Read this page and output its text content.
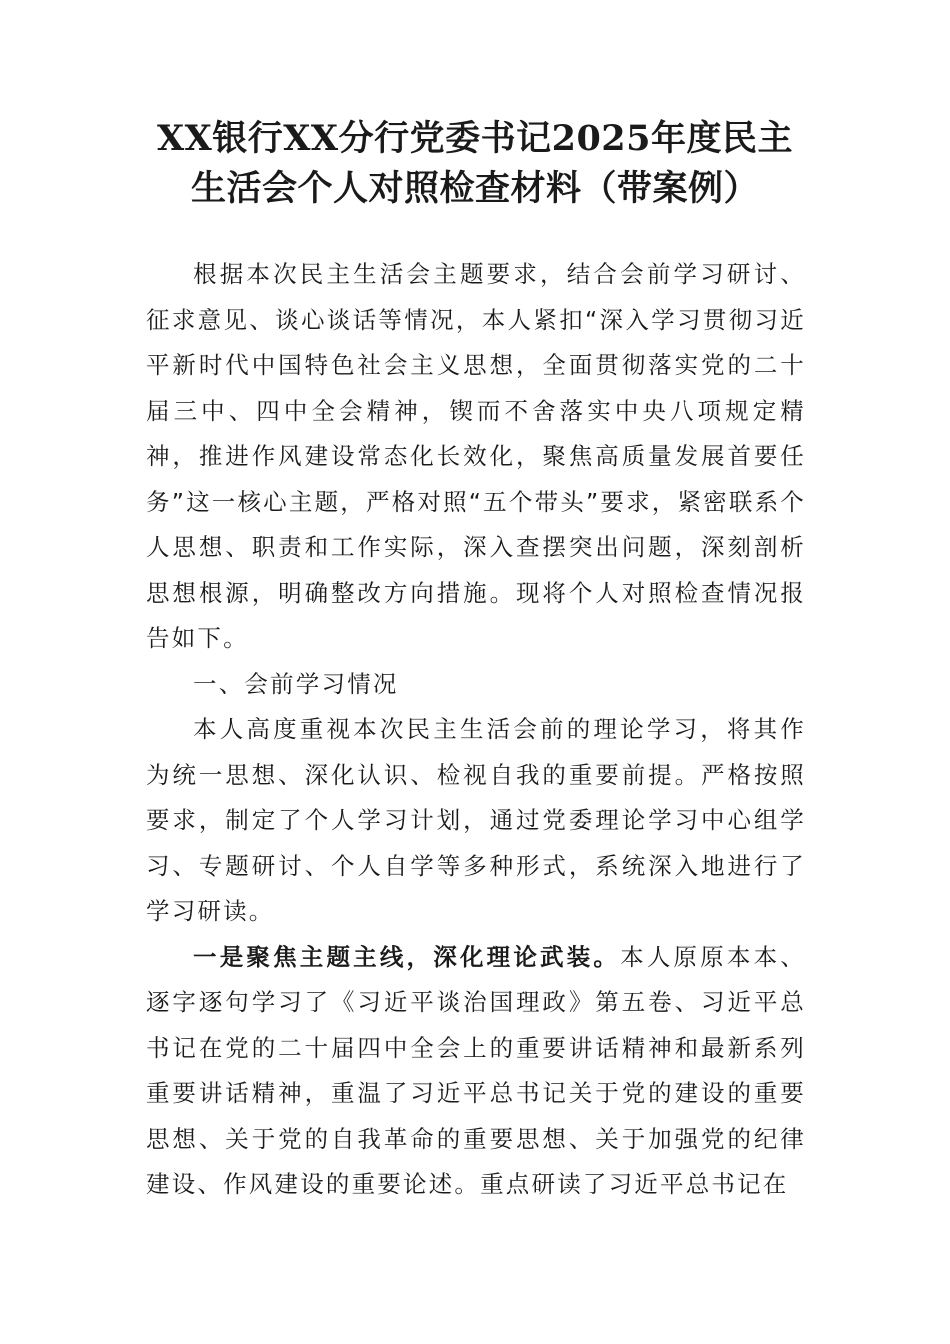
XX银行XX分行党委书记2025年度民主
生活会个人对照检查材料（带案例）

根据本次民主生活会主题要求，结合会前学习研讨、征求意见、谈心谈话等情况，本人紧扣“深入学习贯彻习近平新时代中国特色社会主义思想，全面贯彻落实党的二十届三中、四中全会精神，锲而不舍落实中央八项规定精神，推进作风建设常态化长效化，聚焦高质量发展首要任务”这一核心主题，严格对照“五个带头”要求，紧密联系个人思想、职责和工作实际，深入查摆突出问题，深刻剖析思想根源，明确整改方向措施。现将个人对照检查情况报告如下。

一、会前学习情况

本人高度重视本次民主生活会前的理论学习，将其作为统一思想、深化认识、检视自我的重要前提。严格按照要求，制定了个人学习计划，通过党委理论学习中心组学习、专题研讨、个人自学等多种形式，系统深入地进行了学习研读。

一是聚焦主题主线，深化理论武装。本人原原本本、逐字逐句学习了《习近平谈治国理政》第五卷、习近平总书记在党的二十届四中全会上的重要讲话精神和最新系列重要讲话精神，重温了习近平总书记关于党的建设的重要思想、关于党的自我革命的重要思想、关于加强党的纪律建设、作风建设的重要论述。重点研读了习近平总书记在
